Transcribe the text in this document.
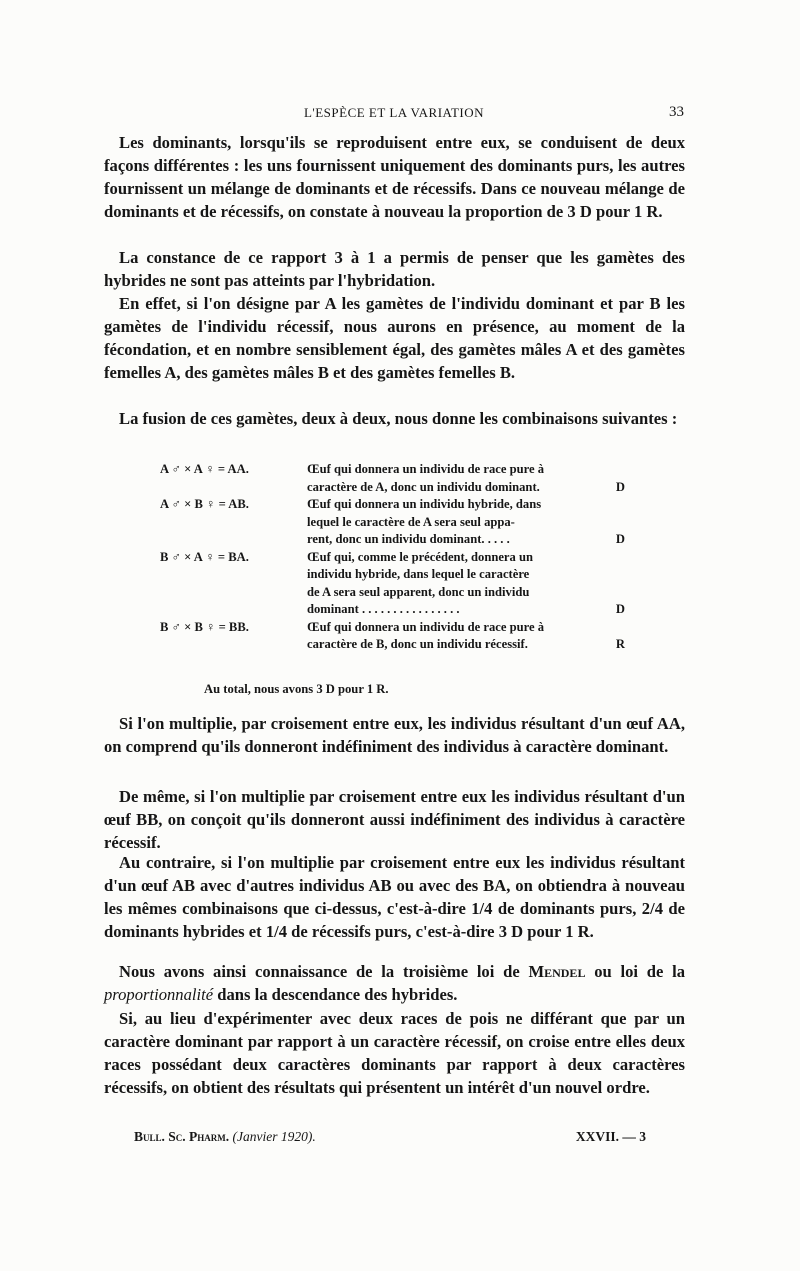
L'ESPÈCE ET LA VARIATION	33

Les dominants, lorsqu'ils se reproduisent entre eux, se conduisent de deux façons différentes : les uns fournissent uniquement des dominants purs, les autres fournissent un mélange de dominants et de récessifs. Dans ce nouveau mélange de dominants et de récessifs, on constate à nouveau la proportion de 3 D pour 1 R.

La constance de ce rapport 3 à 1 a permis de penser que les gamètes des hybrides ne sont pas atteints par l'hybridation.

En effet, si l'on désigne par A les gamètes de l'individu dominant et par B les gamètes de l'individu récessif, nous aurons en présence, au moment de la fécondation, et en nombre sensiblement égal, des gamètes mâles A et des gamètes femelles A, des gamètes mâles B et des gamètes femelles B.

La fusion de ces gamètes, deux à deux, nous donne les combinaisons suivantes :

A ♂ × A ♀ = AA.	Œuf qui donnera un individu de race pure à
caractère de A, donc un individu dominant.	D
A ♂ × B ♀ = AB.	Œuf qui donnera un individu hybride, dans
lequel le caractère de A sera seul appa-
rent, donc un individu dominant. . . . .	D
B ♂ × A ♀ = BA.	Œuf qui, comme le précédent, donnera un
individu hybride, dans lequel le caractère
de A sera seul apparent, donc un individu
dominant . . . . . . . . . . . . . . . .	D
B ♂ × B ♀ = BB.	Œuf qui donnera un individu de race pure à
caractère de B, donc un individu récessif.	R
Au total, nous avons 3 D pour 1 R.

Si l'on multiplie, par croisement entre eux, les individus résultant d'un œuf AA, on comprend qu'ils donneront indéfiniment des individus à caractère dominant.

De même, si l'on multiplie par croisement entre eux les individus résultant d'un œuf BB, on conçoit qu'ils donneront aussi indéfiniment des individus à caractère récessif.

Au contraire, si l'on multiplie par croisement entre eux les individus résultant d'un œuf AB avec d'autres individus AB ou avec des BA, on obtiendra à nouveau les mêmes combinaisons que ci-dessus, c'est-à-dire 1/4 de dominants purs, 2/4 de dominants hybrides et 1/4 de récessifs purs, c'est-à-dire 3 D pour 1 R.

Nous avons ainsi connaissance de la troisième loi de Mendel ou loi de la proportionnalité dans la descendance des hybrides.

Si, au lieu d'expérimenter avec deux races de pois ne différant que par un caractère dominant par rapport à un caractère récessif, on croise entre elles deux races possédant deux caractères dominants par rapport à deux caractères récessifs, on obtient des résultats qui présentent un intérêt d'un nouvel ordre.

Bull. Sc. Pharm. (Janvier 1920).	XXVII. — 3
